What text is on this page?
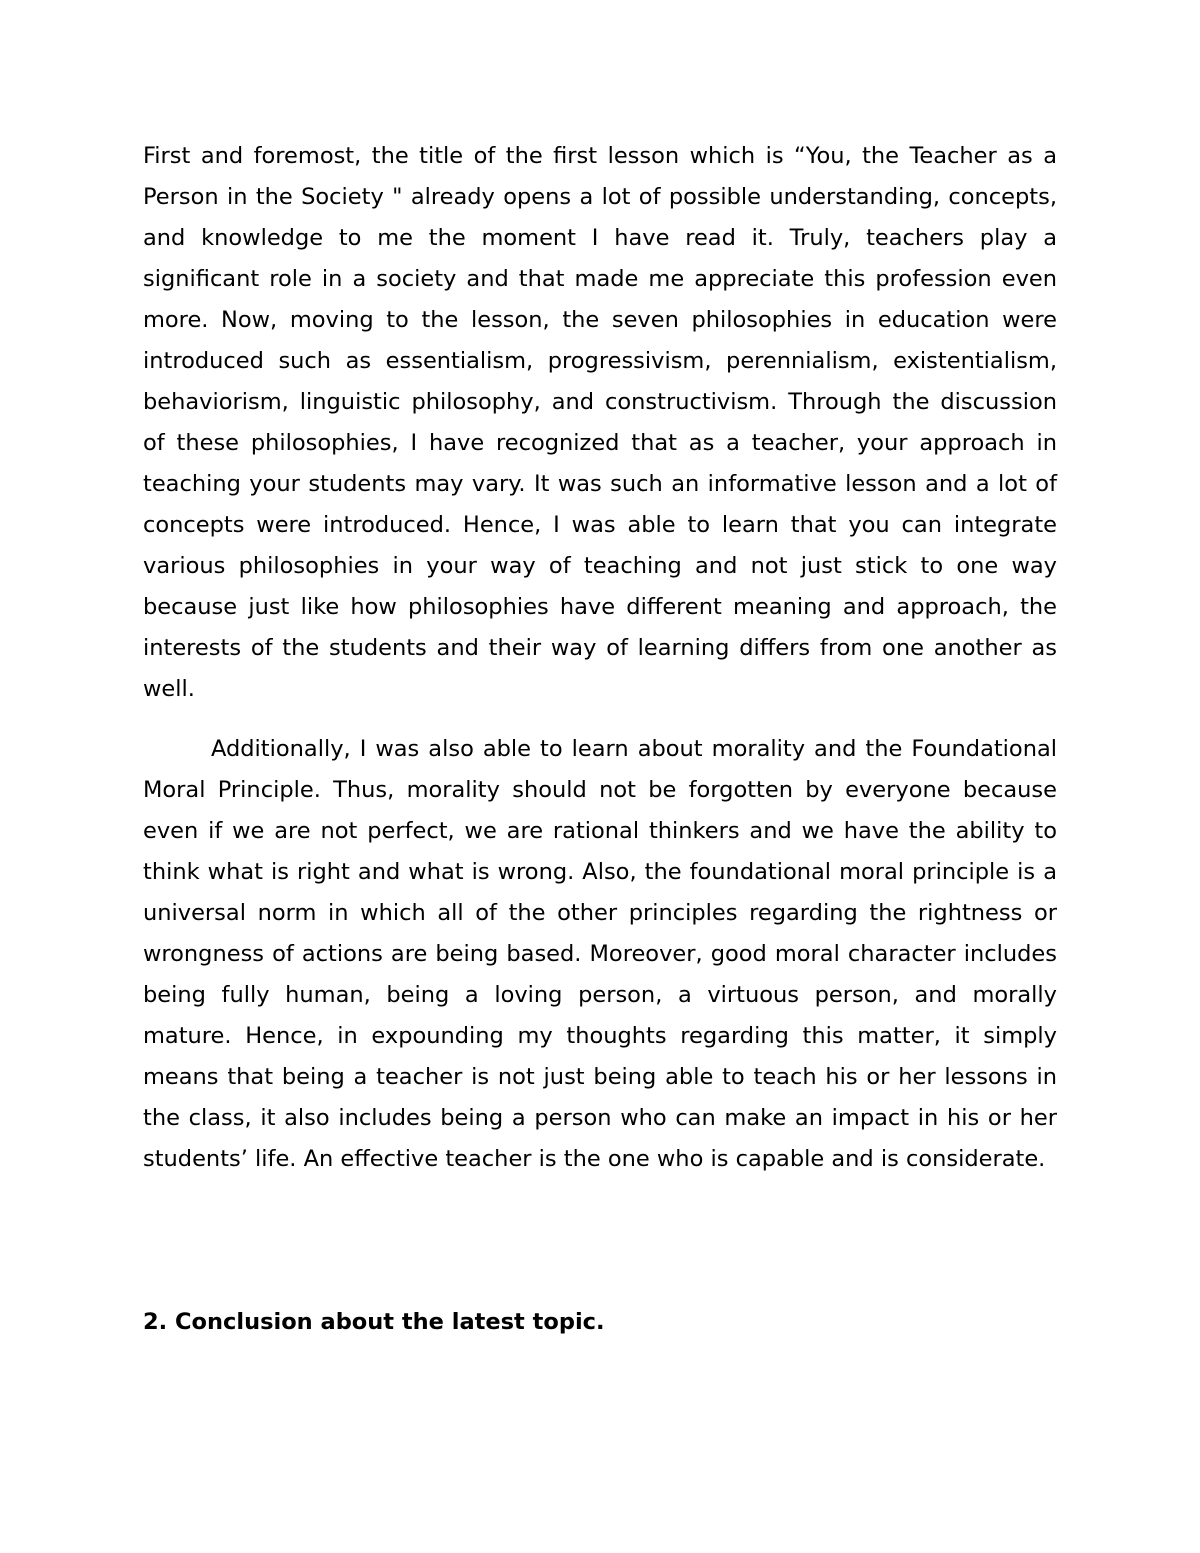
First and foremost, the title of the first lesson which is “You, the Teacher as a Person in the Society " already opens a lot of possible understanding, concepts, and knowledge to me the moment I have read it. Truly, teachers play a significant role in a society and that made me appreciate this profession even more. Now, moving to the lesson, the seven philosophies in education were introduced such as essentialism, progressivism, perennialism, existentialism, behaviorism, linguistic philosophy, and constructivism. Through the discussion of these philosophies, I have recognized that as a teacher, your approach in teaching your students may vary. It was such an informative lesson and a lot of concepts were introduced. Hence, I was able to learn that you can integrate various philosophies in your way of teaching and not just stick to one way because just like how philosophies have different meaning and approach, the interests of the students and their way of learning differs from one another as well.

Additionally, I was also able to learn about morality and the Foundational Moral Principle. Thus, morality should not be forgotten by everyone because even if we are not perfect, we are rational thinkers and we have the ability to think what is right and what is wrong. Also, the foundational moral principle is a universal norm in which all of the other principles regarding the rightness or wrongness of actions are being based. Moreover, good moral character includes being fully human, being a loving person, a virtuous person, and morally mature. Hence, in expounding my thoughts regarding this matter, it simply means that being a teacher is not just being able to teach his or her lessons in the class, it also includes being a person who can make an impact in his or her students’ life. An effective teacher is the one who is capable and is considerate.

2. Conclusion about the latest topic.
